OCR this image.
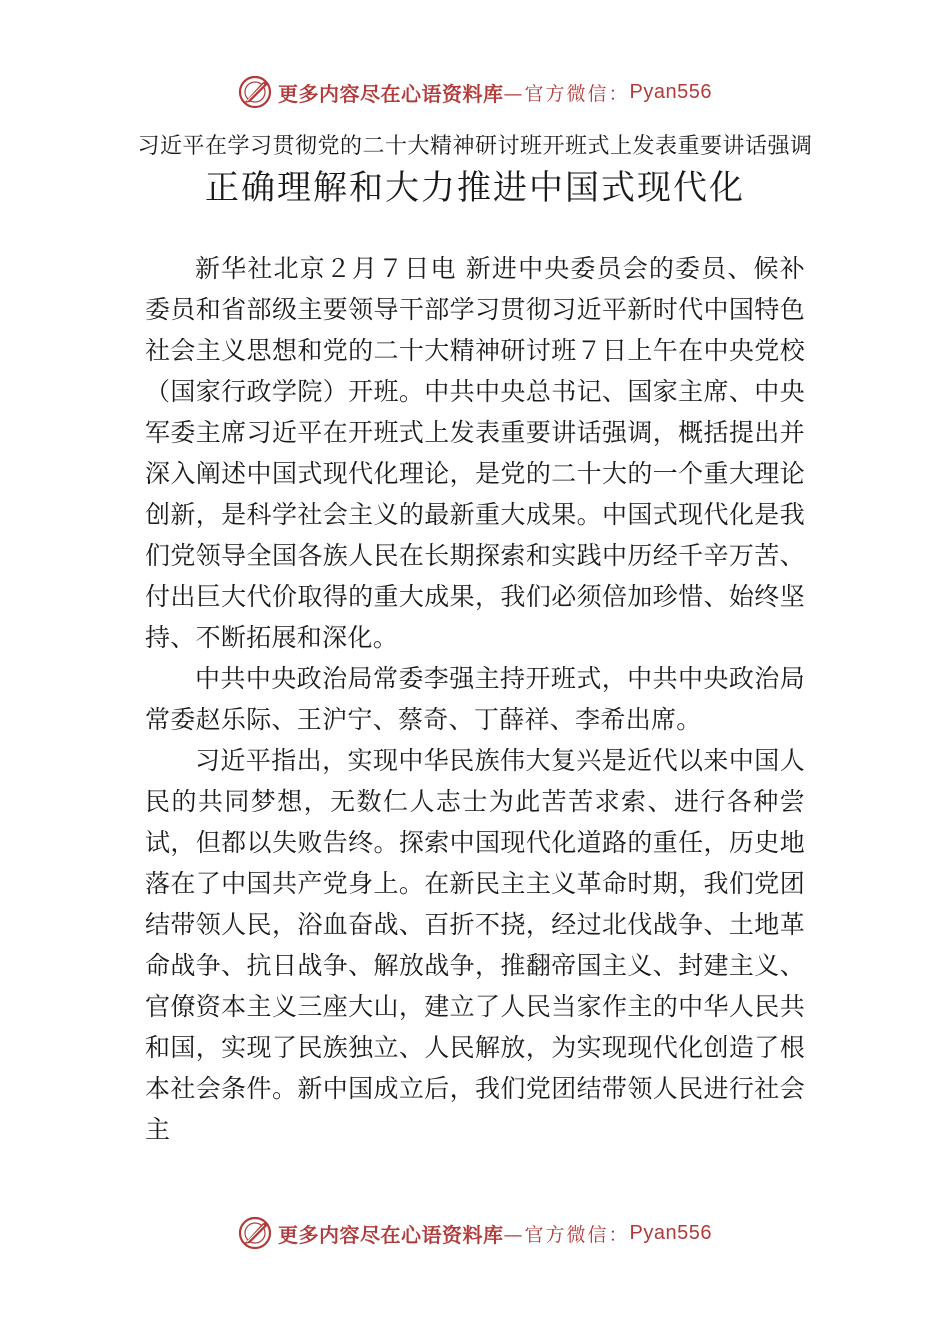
更多内容尽在心语资料库 —官方微信： Pyan556
习近平在学习贯彻党的二十大精神研讨班开班式上发表重要讲话强调
正确理解和大力推进中国式现代化

新华社北京２月７日电 新进中央委员会的委员、候补委员和省部级主要领导干部学习贯彻习近平新时代中国特色社会主义思想和党的二十大精神研讨班７日上午在中央党校（国家行政学院）开班。中共中央总书记、国家主席、中央军委主席习近平在开班式上发表重要讲话强调，概括提出并深入阐述中国式现代化理论，是党的二十大的一个重大理论创新，是科学社会主义的最新重大成果。中国式现代化是我们党领导全国各族人民在长期探索和实践中历经千辛万苦、付出巨大代价取得的重大成果，我们必须倍加珍惜、始终坚持、不断拓展和深化。

中共中央政治局常委李强主持开班式，中共中央政治局常委赵乐际、王沪宁、蔡奇、丁薛祥、李希出席。

习近平指出，实现中华民族伟大复兴是近代以来中国人民的共同梦想，无数仁人志士为此苦苦求索、进行各种尝试，但都以失败告终。探索中国现代化道路的重任，历史地落在了中国共产党身上。在新民主主义革命时期，我们党团结带领人民，浴血奋战、百折不挠，经过北伐战争、土地革命战争、抗日战争、解放战争，推翻帝国主义、封建主义、官僚资本主义三座大山，建立了人民当家作主的中华人民共和国，实现了民族独立、人民解放，为实现现代化创造了根本社会条件。新中国成立后，我们党团结带领人民进行社会主

更多内容尽在心语资料库 —官方微信： Pyan556
